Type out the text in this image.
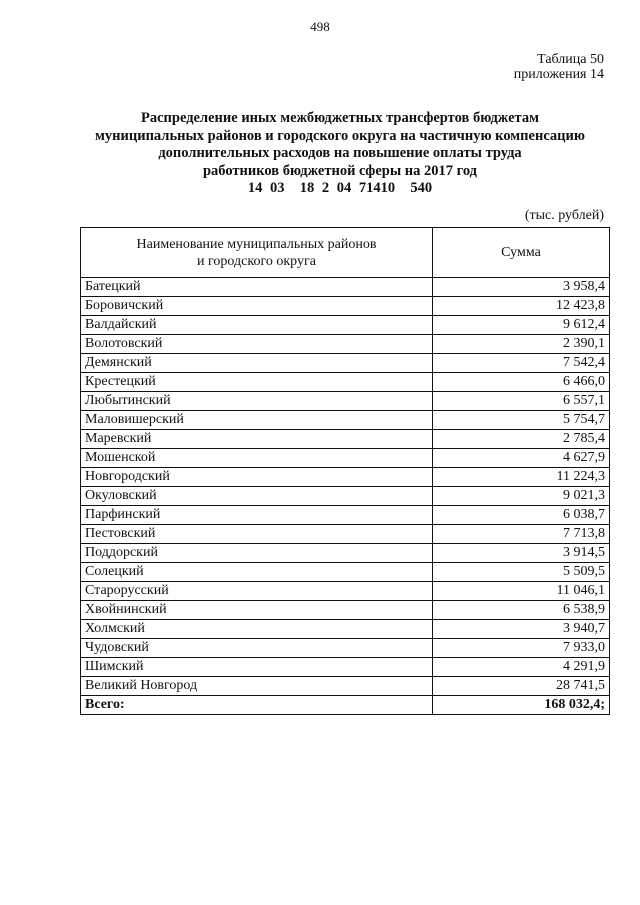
498
Таблица 50
приложения 14
Распределение иных межбюджетных трансфертов бюджетам
муниципальных районов и городского округа на частичную компенсацию
дополнительных расходов на повышение оплаты труда
работников бюджетной сферы на 2017 год
14 03  18 2 04 71410  540
(тыс. рублей)
Наименование муниципальных районов
и городского округа	Сумма
Батецкий	3 958,4
Боровичский	12 423,8
Валдайский	9 612,4
Волотовский	2 390,1
Демянский	7 542,4
Крестецкий	6 466,0
Любытинский	6 557,1
Маловишерский	5 754,7
Маревский	2 785,4
Мошенской	4 627,9
Новгородский	11 224,3
Окуловский	9 021,3
Парфинский	6 038,7
Пестовский	7 713,8
Поддорский	3 914,5
Солецкий	5 509,5
Старорусский	11 046,1
Хвойнинский	6 538,9
Холмский	3 940,7
Чудовский	7 933,0
Шимский	4 291,9
Великий Новгород	28 741,5
Всего:	168 032,4;
